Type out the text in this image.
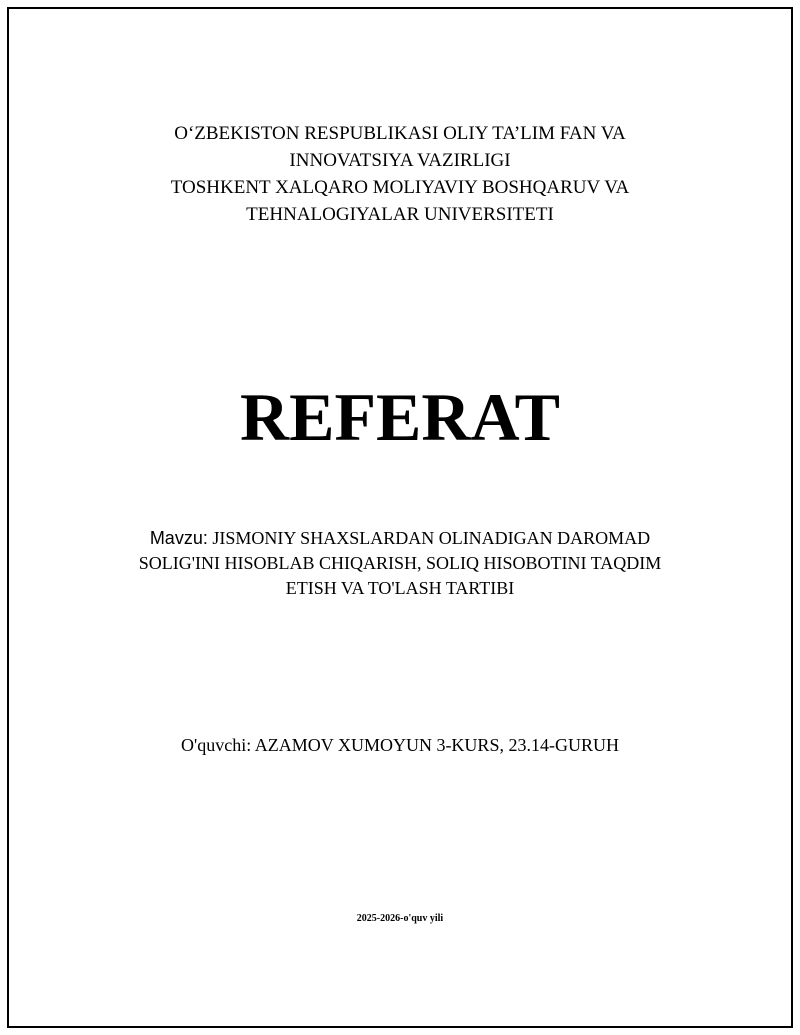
O‘ZBEKISTON RESPUBLIKASI OLIY TA’LIM FAN VA
INNOVATSIYA VAZIRLIGI
TOSHKENT XALQARO MOLIYAVIY BOSHQARUV VA
TEHNALOGIYALAR UNIVERSITETI
REFERAT
Mavzu: JISMONIY SHAXSLARDAN OLINADIGAN DAROMAD
SOLIG'INI HISOBLAB CHIQARISH, SOLIQ HISOBOTINI TAQDIM
ETISH VA TO'LASH TARTIBI
O'quvchi: AZAMOV XUMOYUN 3-KURS, 23.14-GURUH
2025-2026-o'quv yili
